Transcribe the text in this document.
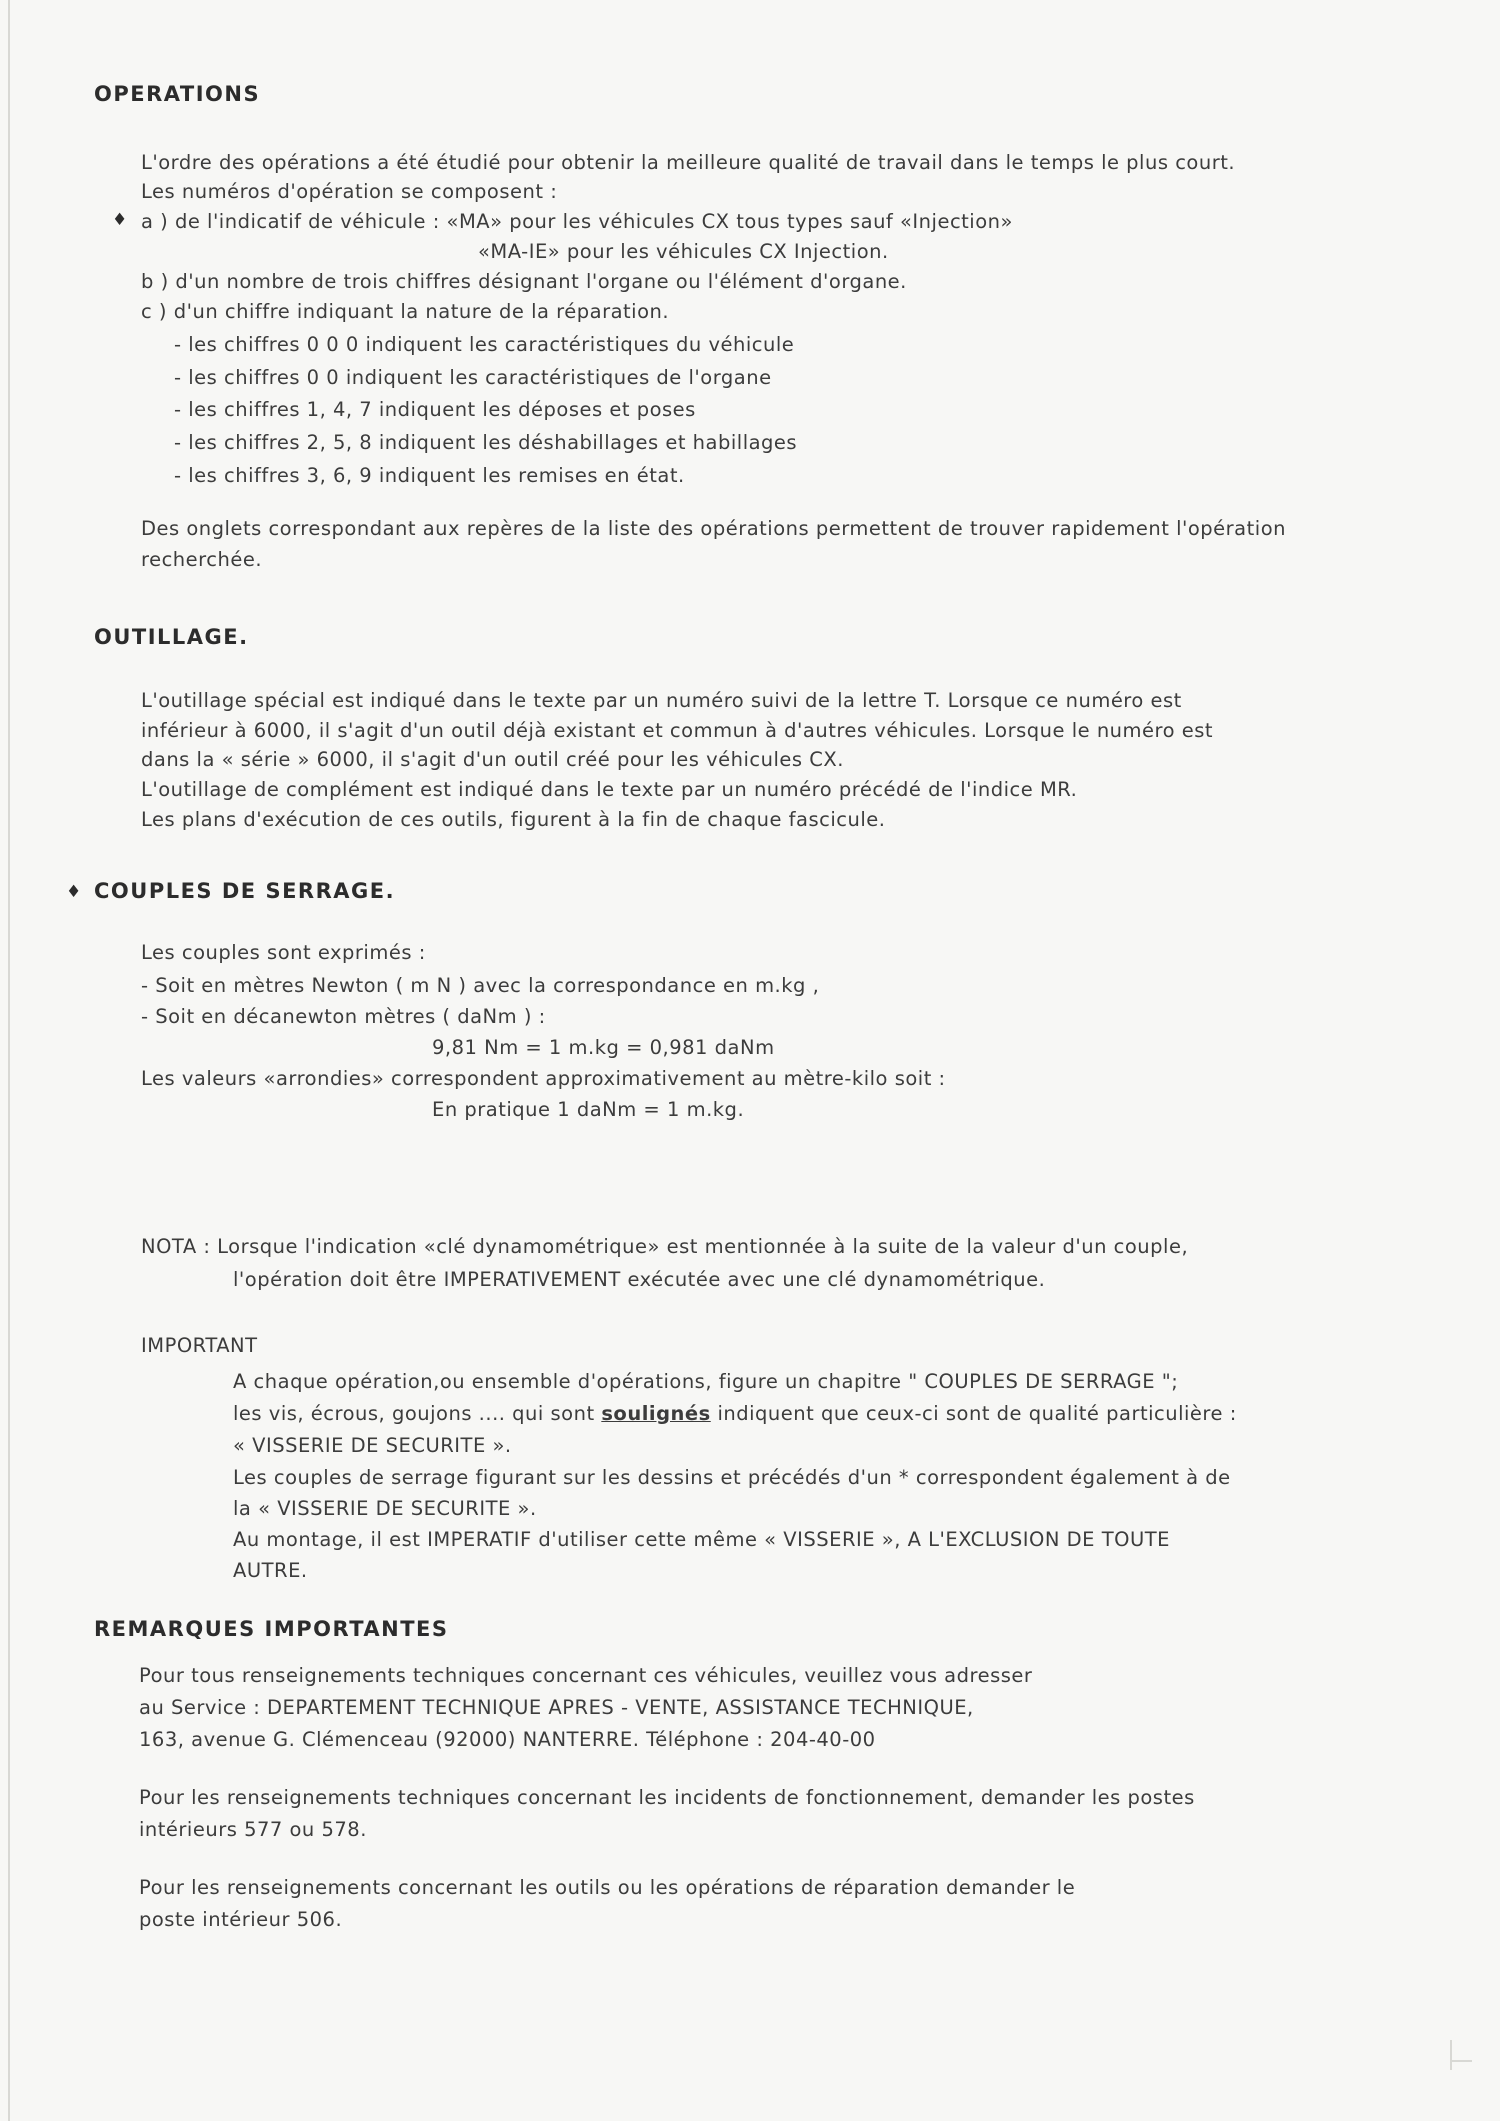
OPERATIONS

L'ordre des opérations a été étudié pour obtenir la meilleure qualité de travail dans le temps le plus court.

Les numéros d'opération se composent :

♦ a ) de l'indicatif de véhicule : «MA» pour les véhicules CX tous types sauf «Injection»

«MA-IE» pour les véhicules CX Injection.

b ) d'un nombre de trois chiffres désignant l'organe ou l'élément d'organe.

c ) d'un chiffre indiquant la nature de la réparation.

- les chiffres 0 0 0 indiquent les caractéristiques du véhicule

- les chiffres 0 0 indiquent les caractéristiques de l'organe

- les chiffres 1, 4, 7 indiquent les déposes et poses

- les chiffres 2, 5, 8 indiquent les déshabillages et habillages

- les chiffres 3, 6, 9 indiquent les remises en état.

Des onglets correspondant aux repères de la liste des opérations permettent de trouver rapidement l'opération

recherchée.

OUTILLAGE.

L'outillage spécial est indiqué dans le texte par un numéro suivi de la lettre T. Lorsque ce numéro est

inférieur à 6000, il s'agit d'un outil déjà existant et commun à d'autres véhicules. Lorsque le numéro est

dans la « série » 6000, il s'agit d'un outil créé pour les véhicules CX.

L'outillage de complément est indiqué dans le texte par un numéro précédé de l'indice MR.

Les plans d'exécution de ces outils, figurent à la fin de chaque fascicule.

♦ COUPLES DE SERRAGE.

Les couples sont exprimés :

- Soit en mètres Newton ( m N ) avec la correspondance en m.kg ,

- Soit en décanewton mètres ( daNm ) :

9,81 Nm = 1 m.kg = 0,981 daNm

Les valeurs «arrondies» correspondent approximativement au mètre-kilo soit :

En pratique 1 daNm = 1 m.kg.

NOTA : Lorsque l'indication «clé dynamométrique» est mentionnée à la suite de la valeur d'un couple,

l'opération doit être IMPERATIVEMENT exécutée avec une clé dynamométrique.

IMPORTANT

A chaque opération,ou ensemble d'opérations, figure un chapitre " COUPLES DE SERRAGE ";

les vis, écrous, goujons .... qui sont soulignés indiquent que ceux-ci sont de qualité particulière :

« VISSERIE DE SECURITE ».

Les couples de serrage figurant sur les dessins et précédés d'un * correspondent également à de

la « VISSERIE DE SECURITE ».

Au montage, il est IMPERATIF d'utiliser cette même « VISSERIE », A L'EXCLUSION DE TOUTE

AUTRE.

REMARQUES IMPORTANTES

Pour tous renseignements techniques concernant ces véhicules, veuillez vous adresser

au Service : DEPARTEMENT TECHNIQUE APRES - VENTE, ASSISTANCE TECHNIQUE,

163, avenue G. Clémenceau (92000) NANTERRE. Téléphone : 204-40-00

Pour les renseignements techniques concernant les incidents de fonctionnement, demander les postes

intérieurs 577 ou 578.

Pour les renseignements concernant les outils ou les opérations de réparation demander le

poste intérieur 506.
